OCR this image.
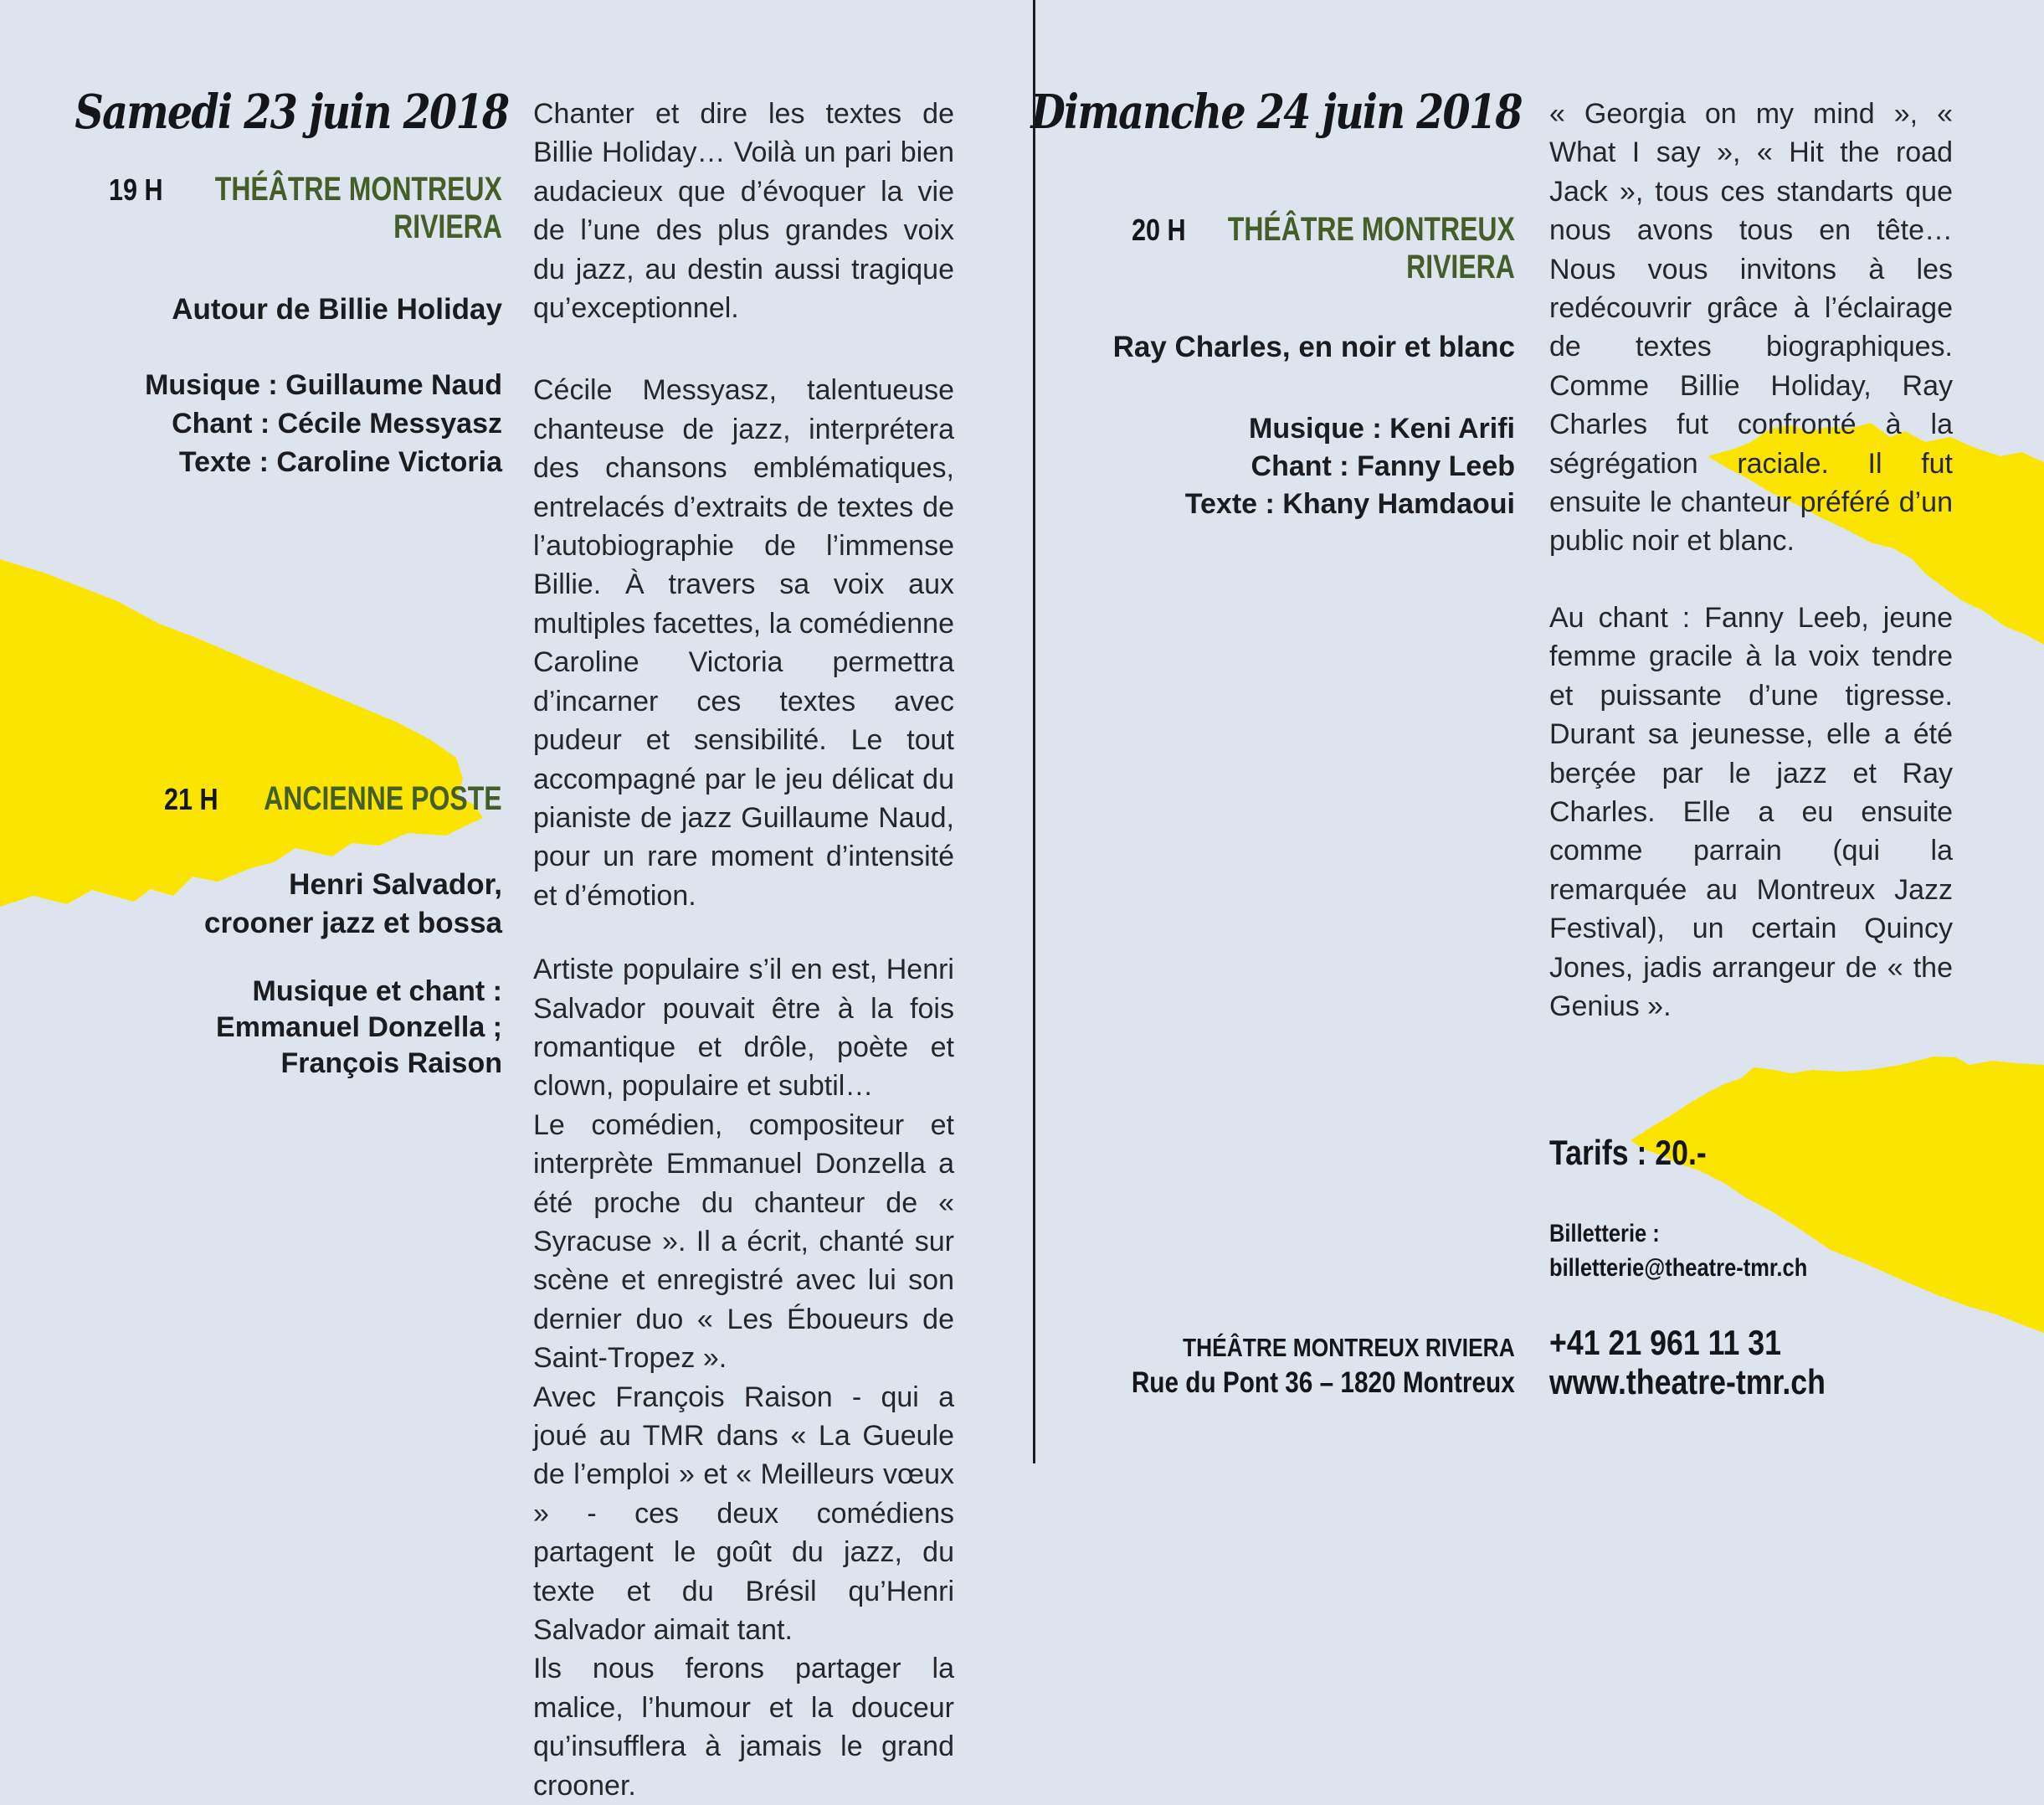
Samedi 23 juin 2018
19 H THÉÂTRE MONTREUX
RIVIERA
Autour de Billie Holiday
Musique : Guillaume Naud
Chant : Cécile Messyasz
Texte : Caroline Victoria
21 H ANCIENNE POSTE
Henri Salvador,
crooner jazz et bossa
Musique et chant :
Emmanuel Donzella ;
François Raison

Chanter et dire les textes de Billie Holiday… Voilà un pari bien audacieux que d’évoquer la vie de l’une des plus grandes voix du jazz, au destin aussi tragique qu’exceptionnel.

Cécile Messyasz, talentueuse chanteuse de jazz, interprétera des chansons emblématiques, entrelacés d’extraits de textes de l’autobiographie de l’immense Billie. À travers sa voix aux multiples facettes, la comédienne Caroline Victoria permettra d’incarner ces textes avec pudeur et sensibilité. Le tout accompagné par le jeu délicat du pianiste de jazz Guillaume Naud, pour un rare moment d’intensité et d’émotion.

Artiste populaire s’il en est, Henri Salvador pouvait être à la fois romantique et drôle, poète et clown, populaire et subtil…

Le comédien, compositeur et interprète Emmanuel Donzella a été proche du chanteur de « Syracuse ». Il a écrit, chanté sur scène et enregistré avec lui son dernier duo « Les Éboueurs de Saint-Tropez ».

Avec François Raison - qui a joué au TMR dans « La Gueule de l’emploi » et « Meilleurs vœux » - ces deux comédiens partagent le goût du jazz, du texte et du Brésil qu’Henri Salvador aimait tant.

Ils nous ferons partager la malice, l’humour et la douceur qu’insufflera à jamais le grand crooner.

Dimanche 24 juin 2018
20 H THÉÂTRE MONTREUX
RIVIERA
Ray Charles, en noir et blanc
Musique : Keni Arifi
Chant : Fanny Leeb
Texte : Khany Hamdaoui

« Georgia on my mind », « What I say », « Hit the road Jack », tous ces standarts que nous avons tous en tête… Nous vous invitons à les redécouvrir grâce à l’éclairage de textes biographiques. Comme Billie Holiday, Ray Charles fut confronté à la ségrégation raciale. Il fut ensuite le chanteur préféré d’un public noir et blanc.

Au chant : Fanny Leeb, jeune femme gracile à la voix tendre et puissante d’une tigresse. Durant sa jeunesse, elle a été berçée par le jazz et Ray Charles. Elle a eu ensuite comme parrain (qui la remarquée au Montreux Jazz Festival), un certain Quincy Jones, jadis arrangeur de « the Genius ».

Tarifs : 20.-
Billetterie :
billetterie@theatre-tmr.ch
+41 21 961 11 31
www.theatre-tmr.ch
THÉÂTRE MONTREUX RIVIERA
Rue du Pont 36 – 1820 Montreux
